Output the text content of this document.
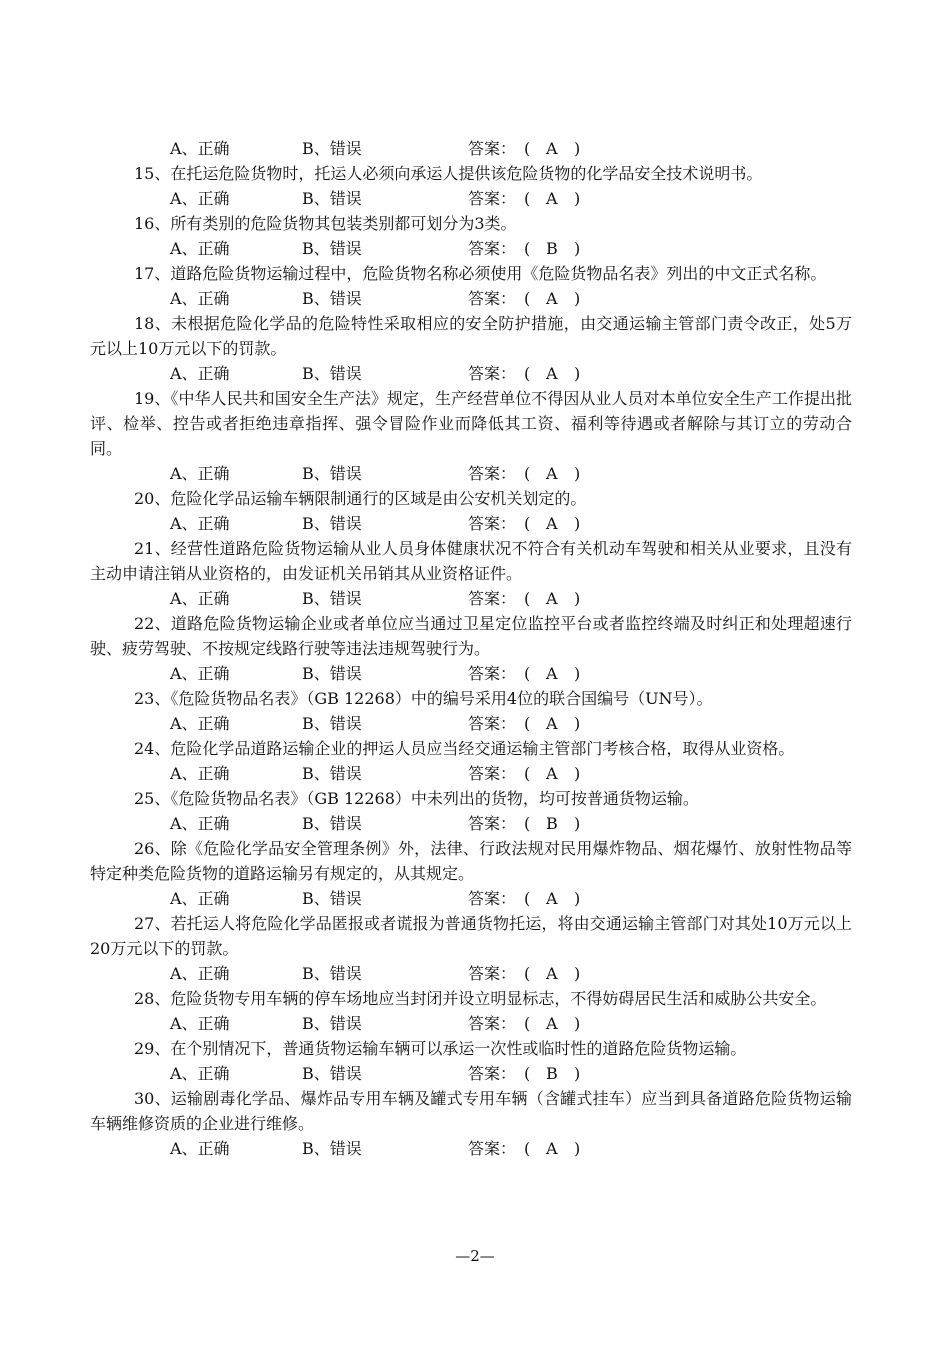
A、正确	B、错误	答案： ( A )

15、在托运危险货物时，托运人必须向承运人提供该危险货物的化学品安全技术说明书。

A、正确	B、错误	答案： ( A )

16、所有类别的危险货物其包装类别都可划分为3类。

A、正确	B、错误	答案： ( B )

17、道路危险货物运输过程中，危险货物名称必须使用《危险货物品名表》列出的中文正式名称。

A、正确	B、错误	答案： ( A )

18、未根据危险化学品的危险特性采取相应的安全防护措施，由交通运输主管部门责令改正，处5万元以上10万元以下的罚款。

A、正确	B、错误	答案： ( A )

19、《中华人民共和国安全生产法》规定，生产经营单位不得因从业人员对本单位安全生产工作提出批评、检举、控告或者拒绝违章指挥、强令冒险作业而降低其工资、福利等待遇或者解除与其订立的劳动合同。

A、正确	B、错误	答案： ( A )

20、危险化学品运输车辆限制通行的区域是由公安机关划定的。

A、正确	B、错误	答案： ( A )

21、经营性道路危险货物运输从业人员身体健康状况不符合有关机动车驾驶和相关从业要求，且没有主动申请注销从业资格的，由发证机关吊销其从业资格证件。

A、正确	B、错误	答案： ( A )

22、道路危险货物运输企业或者单位应当通过卫星定位监控平台或者监控终端及时纠正和处理超速行驶、疲劳驾驶、不按规定线路行驶等违法违规驾驶行为。

A、正确	B、错误	答案： ( A )

23、《危险货物品名表》（GB 12268）中的编号采用4位的联合国编号（UN号）。

A、正确	B、错误	答案： ( A )

24、危险化学品道路运输企业的押运人员应当经交通运输主管部门考核合格，取得从业资格。

A、正确	B、错误	答案： ( A )

25、《危险货物品名表》（GB 12268）中未列出的货物，均可按普通货物运输。

A、正确	B、错误	答案： ( B )

26、除《危险化学品安全管理条例》外，法律、行政法规对民用爆炸物品、烟花爆竹、放射性物品等特定种类危险货物的道路运输另有规定的，从其规定。

A、正确	B、错误	答案： ( A )

27、若托运人将危险化学品匿报或者谎报为普通货物托运，将由交通运输主管部门对其处10万元以上20万元以下的罚款。

A、正确	B、错误	答案： ( A )

28、危险货物专用车辆的停车场地应当封闭并设立明显标志，不得妨碍居民生活和威胁公共安全。

A、正确	B、错误	答案： ( A )

29、在个别情况下，普通货物运输车辆可以承运一次性或临时性的道路危险货物运输。

A、正确	B、错误	答案： ( B )

30、运输剧毒化学品、爆炸品专用车辆及罐式专用车辆（含罐式挂车）应当到具备道路危险货物运输车辆维修资质的企业进行维修。

A、正确	B、错误	答案： ( A )
—2—
